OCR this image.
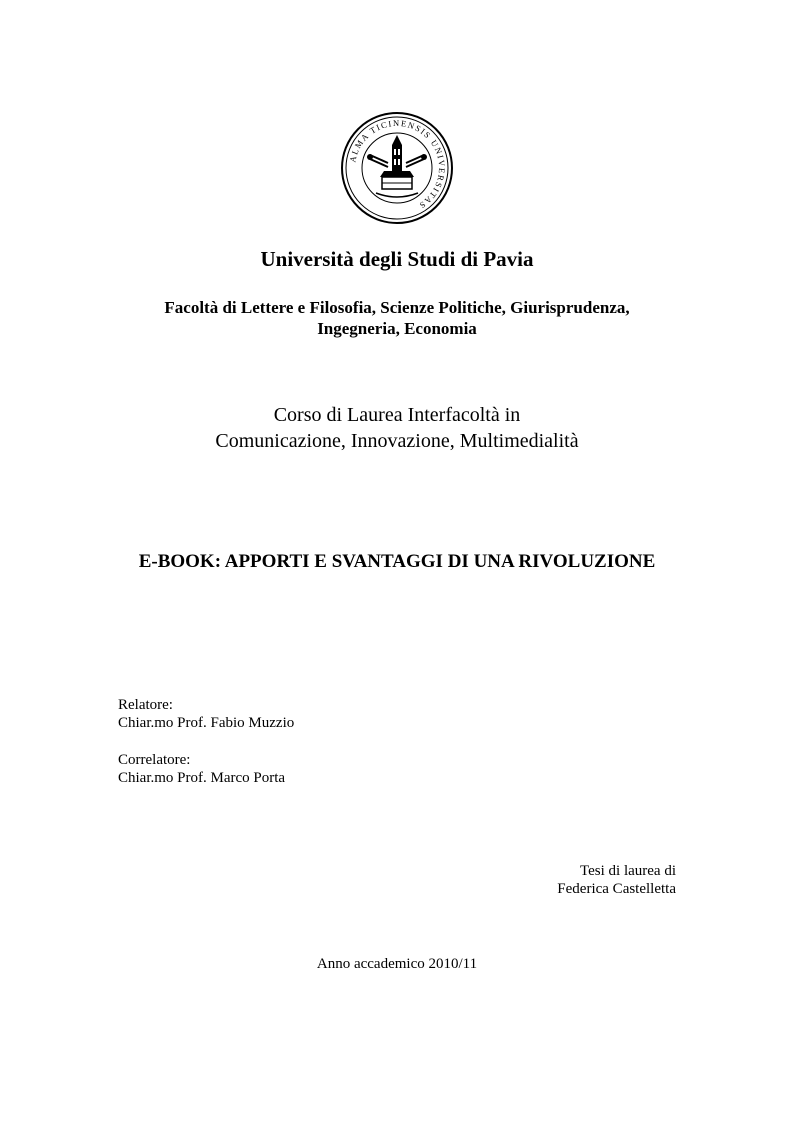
ALMA TICINENSIS UNIVERSITAS
Università degli Studi di Pavia
Facoltà di Lettere e Filosofia, Scienze Politiche, Giurisprudenza,
Ingegneria, Economia
Corso di Laurea Interfacoltà in
Comunicazione, Innovazione, Multimedialità
E-BOOK: APPORTI E SVANTAGGI DI UNA RIVOLUZIONE
Relatore:
Chiar.mo Prof. Fabio Muzzio
Correlatore:
Chiar.mo Prof. Marco Porta
Tesi di laurea di
Federica Castelletta
Anno accademico 2010/11
